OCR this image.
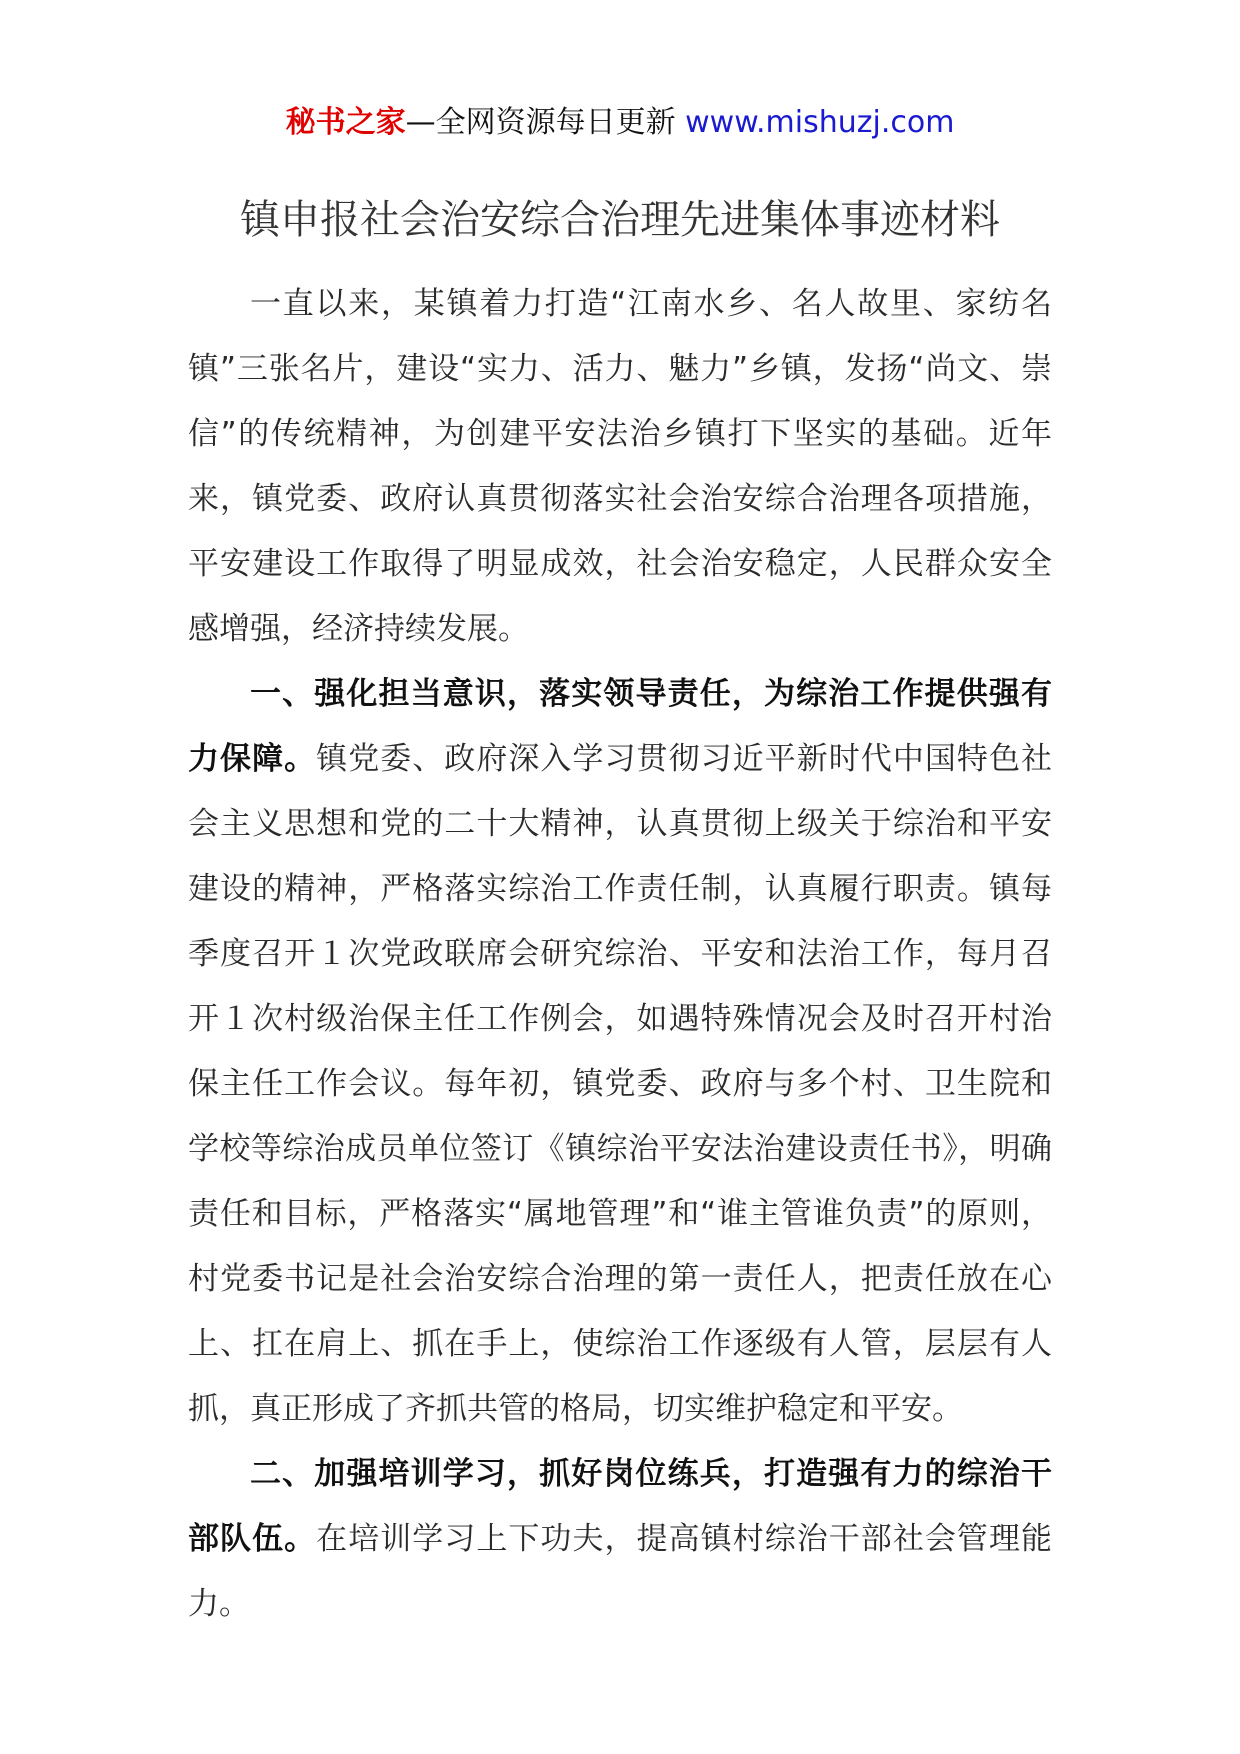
秘书之家—全网资源每日更新 www.mishuzj.com
镇申报社会治安综合治理先进集体事迹材料

一直以来，某镇着力打造“江南水乡、名人故里、家纺名镇”三张名片，建设“实力、活力、魅力”乡镇，发扬“尚文、崇信”的传统精神，为创建平安法治乡镇打下坚实的基础。近年来，镇党委、政府认真贯彻落实社会治安综合治理各项措施，平安建设工作取得了明显成效，社会治安稳定，人民群众安全感增强，经济持续发展。

一、强化担当意识，落实领导责任，为综治工作提供强有力保障。镇党委、政府深入学习贯彻习近平新时代中国特色社会主义思想和党的二十大精神，认真贯彻上级关于综治和平安建设的精神，严格落实综治工作责任制，认真履行职责。镇每季度召开１次党政联席会研究综治、平安和法治工作，每月召开１次村级治保主任工作例会，如遇特殊情况会及时召开村治保主任工作会议。每年初，镇党委、政府与多个村、卫生院和学校等综治成员单位签订《镇综治平安法治建设责任书》，明确责任和目标，严格落实“属地管理”和“谁主管谁负责”的原则，村党委书记是社会治安综合治理的第一责任人，把责任放在心上、扛在肩上、抓在手上，使综治工作逐级有人管，层层有人抓，真正形成了齐抓共管的格局，切实维护稳定和平安。

二、加强培训学习，抓好岗位练兵，打造强有力的综治干部队伍。在培训学习上下功夫，提高镇村综治干部社会管理能力。
